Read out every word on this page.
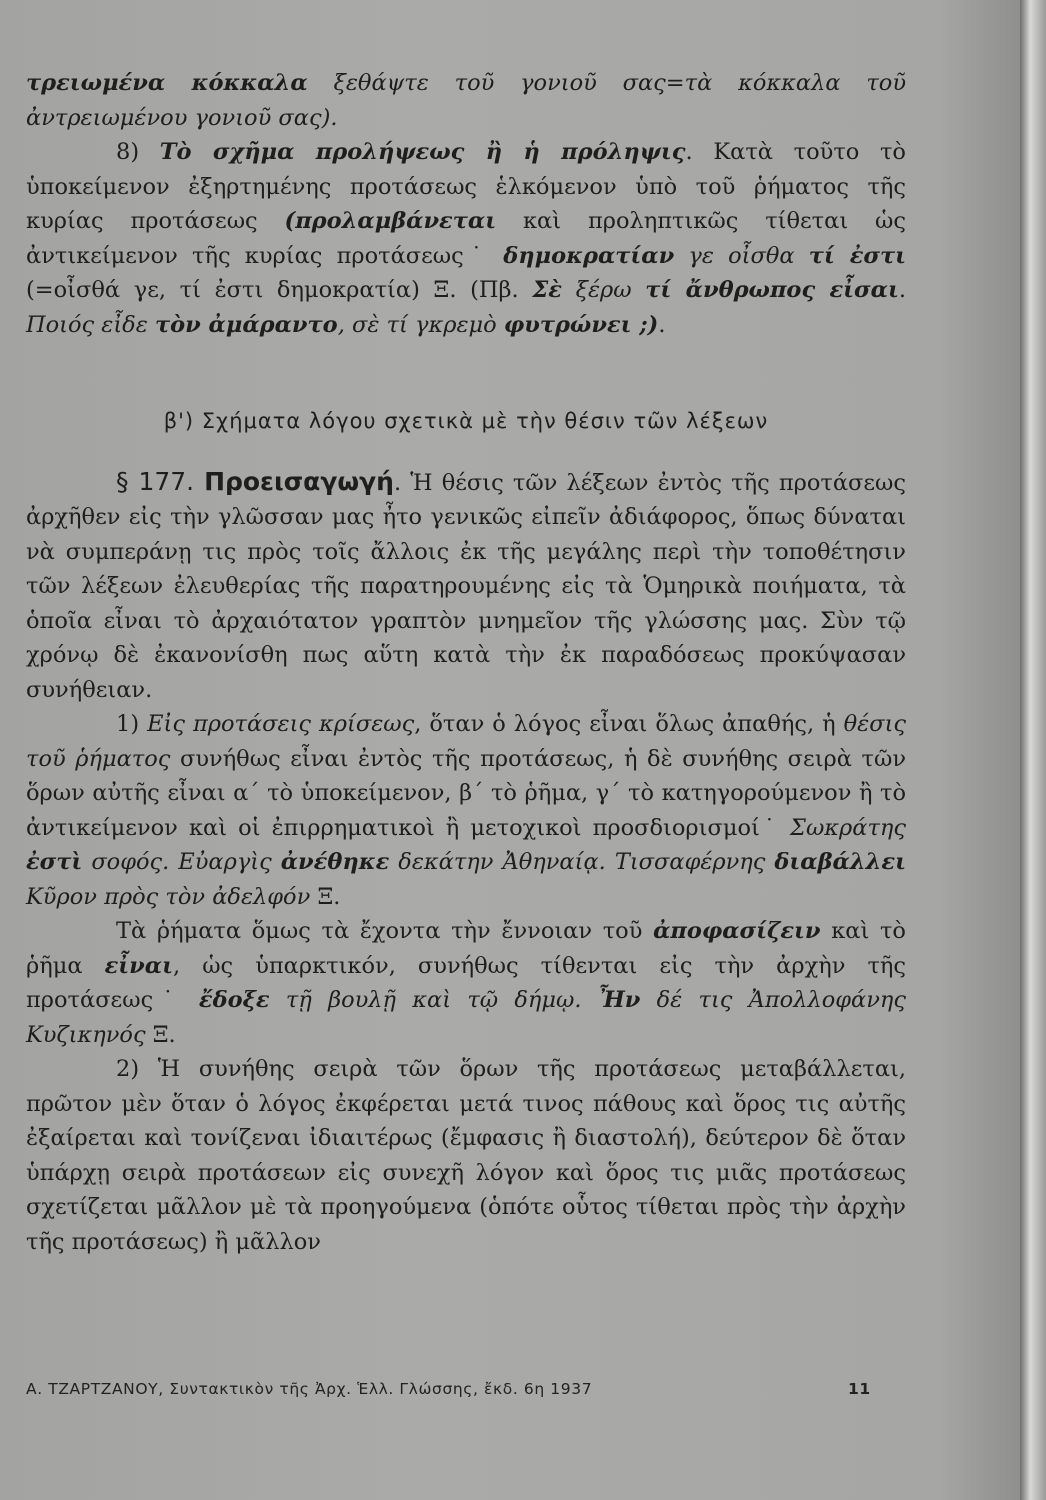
τρειωμένα κόκκαλα ξεθάψτε τοῦ γονιοῦ σας=τὰ κόκκαλα τοῦ ἀντρειωμένου γονιοῦ σας).

8) Τὸ σχῆμα προλήψεως ἢ ἡ πρόληψις. Κατὰ τοῦτο τὸ ὑποκείμενον ἐξηρτημένης προτάσεως ἑλκόμενον ὑπὸ τοῦ ῥήματος τῆς κυρίας προτάσεως (προλαμβάνεται καὶ προληπτικῶς τίθεται ὡς ἀντικείμενον τῆς κυρίας προτάσεως˙ δημοκρατίαν γε οἶσθα τί ἐστι (=οἶσθά γε, τί ἐστι δημοκρατία) Ξ. (Πβ. Σὲ ξέρω τί ἄνθρωπος εἶσαι. Ποιός εἶδε τὸν ἀμάραντο, σὲ τί γκρεμὸ φυτρώνει ;).

β') Σχήματα λόγου σχετικὰ μὲ τὴν θέσιν τῶν λέξεων

§ 177. Προεισαγωγή. Ἡ θέσις τῶν λέξεων ἐντὸς τῆς προτάσεως ἀρχῆθεν εἰς τὴν γλῶσσαν μας ἦτο γενικῶς εἰπεῖν ἀδιάφορος, ὅπως δύναται νὰ συμπεράνῃ τις πρὸς τοῖς ἄλλοις ἐκ τῆς μεγάλης περὶ τὴν τοποθέτησιν τῶν λέξεων ἐλευθερίας τῆς παρατηρουμένης εἰς τὰ Ὁμηρικὰ ποιήματα, τὰ ὁποῖα εἶναι τὸ ἀρχαιότατον γραπτὸν μνημεῖον τῆς γλώσσης μας. Σὺν τῷ χρόνῳ δὲ ἐκανονίσθη πως αὕτη κατὰ τὴν ἐκ παραδόσεως προκύψασαν συνήθειαν.

1) Εἰς προτάσεις κρίσεως, ὅταν ὁ λόγος εἶναι ὅλως ἀπαθής, ἡ θέσις τοῦ ῥήματος συνήθως εἶναι ἐντὸς τῆς προτάσεως, ἡ δὲ συνήθης σειρὰ τῶν ὅρων αὐτῆς εἶναι α΄ τὸ ὑποκείμενον, β΄ τὸ ῥῆμα, γ΄ τὸ κατηγορούμενον ἢ τὸ ἀντικείμενον καὶ οἱ ἐπιρρηματικοὶ ἢ μετοχικοὶ προσδιορισμοί˙ Σωκράτης ἐστὶ σοφός. Εὐαργὶς ἀνέθηκε δεκάτην Ἀθηναίᾳ. Τισσαφέρνης διαβάλλει Κῦρον πρὸς τὸν ἀδελφόν Ξ.

Τὰ ῥήματα ὅμως τὰ ἔχοντα τὴν ἔννοιαν τοῦ ἀποφασίζειν καὶ τὸ ῥῆμα εἶναι, ὡς ὑπαρκτικόν, συνήθως τίθενται εἰς τὴν ἀρχὴν τῆς προτάσεως˙ ἔδοξε τῇ βουλῇ καὶ τῷ δήμῳ. Ἦν δέ τις Ἀπολλοφάνης Κυζικηνός Ξ.

2) Ἡ συνήθης σειρὰ τῶν ὅρων τῆς προτάσεως μεταβάλλεται, πρῶτον μὲν ὅταν ὁ λόγος ἐκφέρεται μετά τινος πάθους καὶ ὅρος τις αὐτῆς ἐξαίρεται καὶ τονίζεναι ἰδιαιτέρως (ἔμφασις ἢ διαστολή), δεύτερον δὲ ὅταν ὑπάρχῃ σειρὰ προτάσεων εἰς συνεχῆ λόγον καὶ ὅρος τις μιᾶς προτάσεως σχετίζεται μᾶλλον μὲ τὰ προηγούμενα (ὁπότε οὗτος τίθεται πρὸς τὴν ἀρχὴν τῆς προτάσεως) ἢ μᾶλλον

Α. ΤΖΑΡΤΖΑΝΟΥ, Συντακτικὸν τῆς Ἀρχ. Ἑλλ. Γλώσσης, ἔκδ. 6η 1937	11
